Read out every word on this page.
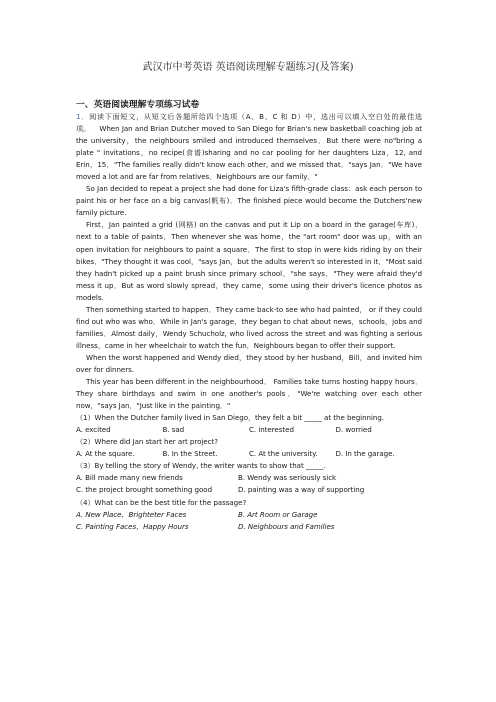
武汉市中考英语 英语阅读理解专题练习(及答案)
一、英语阅读理解专项练习试卷

1．阅读下面短文，从短文后各题所给四个选项（A、B、C 和 D）中，选出可以填入空白处的最佳选项。 When Jan and Brian Dutcher moved to San Diego for Brian's new basketball coaching job at the university，the neighbours smiled and introduced themselves．But there were no"bring a plate " invitations，no recipe(食谱)sharing and no car pooling for her daughters Liza，12, and Erin，15．"The families really didn't know each other, and we missed that．"says Jan．"We have moved a lot and are far from relatives．Neighbours are our family．"

So Jan decided to repeat a project she had done for Liza's fifth-grade class：ask each person to paint his or her face on a big canvas(帆布)．The finished piece would become the Dutchers'new family picture.

First，Jan painted a grid (网格) on the canvas and put it Lip on a board in the garage(车库)，next to a table of paints．Then whenever she was home，the "art room" door was up，with an open invitation for neighbours to paint a square．The first to stop in were kids riding by on their bikes．"They thought it was cool，"says Jan，but the adults weren't so interested in it．"Most said they hadn't picked up a paint brush since primary school，"she says．"They were afraid they'd mess it up．But as word slowly spread，they came，some using their driver's licence photos as models.

Then something started to happen．They came back-to see who had painted， or if they could find out who was who．While in Jan's garage，they began to chat about news，schools，jobs and families．Almost daily，Wendy Schucholz, who lived across the street and was fighting a serious illness，came in her wheelchair to watch the fun．Neighbours began to offer their support.

When the worst happened and Wendy died，they stood by her husband，Bill，and invited him over for dinners.

This year has been different in the neighbourhood． Families take turns hosting happy hours．They share birthdays and swim in one another's pools．"We're watching over each other now，"says Jan．"Just like in the painting．"

（1）When the Dutcher family lived in San Diego，they felt a bit _____ at the beginning.

A. excited	B. sad	C. interested	D. worried

（2）Where did Jan start her art project?

A. At the square.	B. In the Street.	C. At the university.	D. In the garage.

（3）By telling the story of Wendy, the writer wants to show that _____.

A. Bill made many new friends	B. Wendy was seriously sick
C. the project brought something good	D. painting was a way of supporting

（4）What can be the best title for the passage?

A. New Place，Brighteter Faces	B. Art Room or Garage
C. Painting Faces，Happy Hours	D. Neighbours and Families
